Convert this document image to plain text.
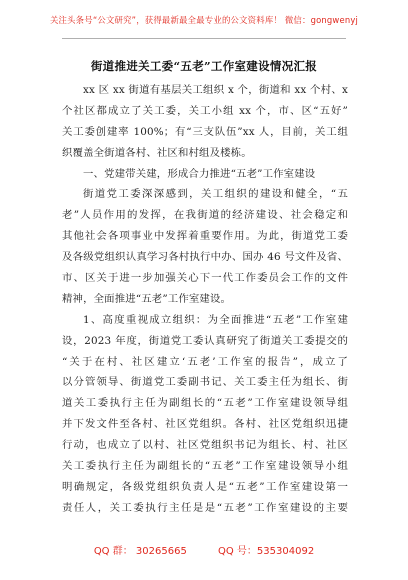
关注头条号“公文研究”，获得最新最全最专业的公文资料库！ 微信：gongwenyj
街道推进关工委“五老”工作室建设情况汇报
xx 区 xx 街道有基层关工组织 x 个，街道和 xx 个村、x
个社区都成立了关工委，关工小组 xx 个，市、区“五好”
关工委创建率 100%；有“三支队伍”xx 人，目前，关工组
织覆盖全街道各村、社区和村组及楼栋。
一、党建带关建，形成合力推进“五老”工作室建设
街道党工委深深感到，关工组织的建设和健全，“五
老”人员作用的发挥，在我街道的经济建设、社会稳定和
其他社会各项事业中发挥着重要作用。为此，街道党工委
及各级党组织认真学习各村执行中办、国办 46 号文件及省、
市、区关于进一步加强关心下一代工作委员会工作的文件
精神，全面推进“五老”工作室建设。
1、高度重视成立组织：为全面推进“五老”工作室建
设，2023 年度，街道党工委认真研究了街道关工委提交的
“关于在村、社区建立‘五老’工作室的报告”，成立了
以分管领导、街道党工委副书记、关工委主任为组长、街
道关工委执行主任为副组长的“五老”工作室建设领导组
并下发文件至各村、社区党组织。各村、社区党组织迅捷
行动，也成立了以村、社区党组织书记为组长、村、社区
关工委执行主任为副组长的“五老”工作室建设领导小组
明确规定，各级党组织负责人是“五老”工作室建设第一
责任人，关工委执行主任是是“五老”工作室建设的主要
QQ 群： 30265665	QQ 号：535304092
